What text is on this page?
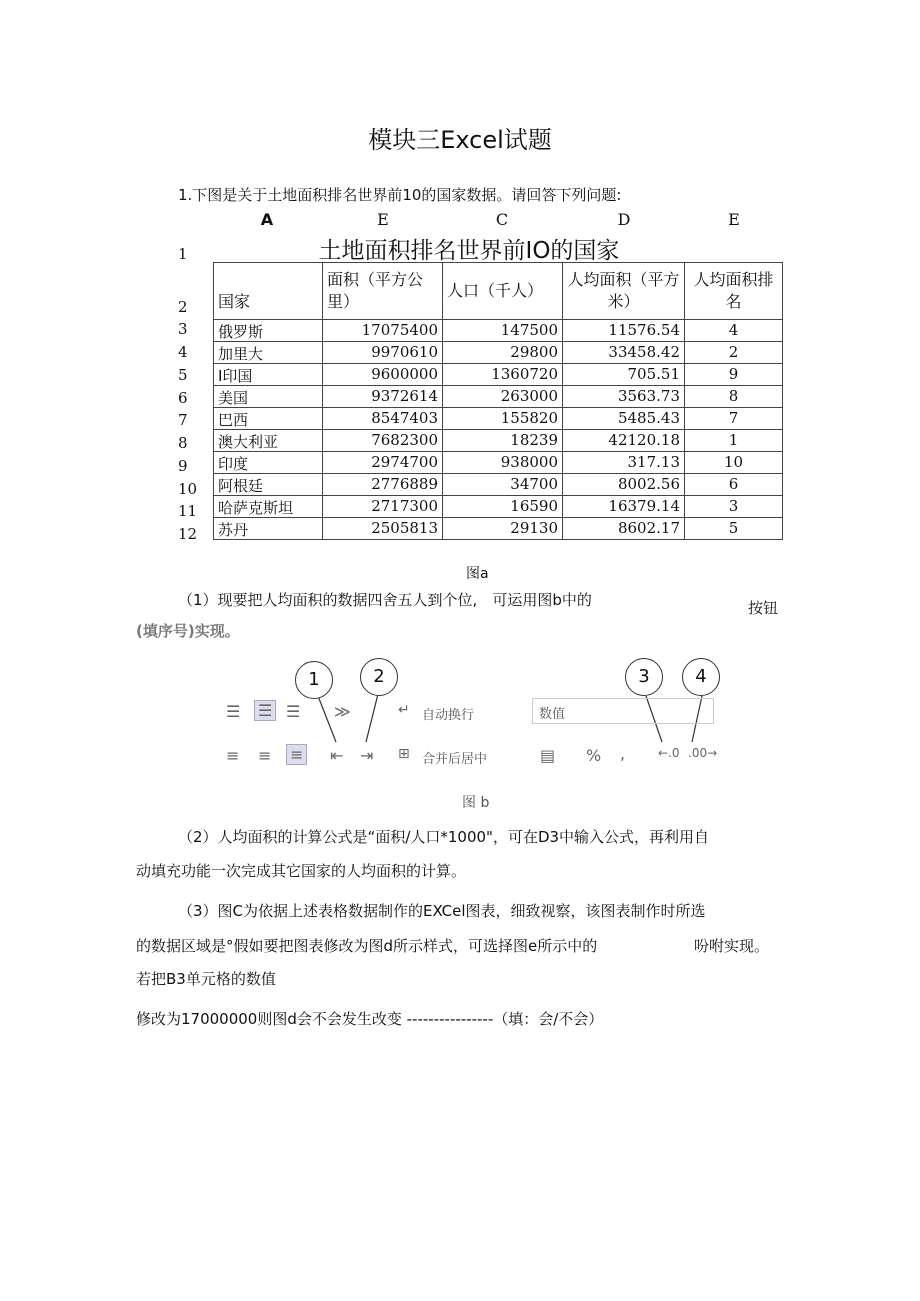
模块三Excel试题
1.下图是关于土地面积排名世界前10的国家数据。请回答下列问题:
A	E	C	D	E
1
2
3
4
5
6
7
8
9
10
11
12
土地面积排名世界前IO的国家
国家	面积（平方公里）	人口（千人）	人均面积（平方米）	人均面积排名
俄罗斯	17075400	147500	11576.54	4
加里大	9970610	29800	33458.42	2
I印国	9600000	1360720	705.51	9
美国	9372614	263000	3563.73	8
巴西	8547403	155820	5485.43	7
澳大利亚	7682300	18239	42120.18	1
印度	2974700	938000	317.13	10
阿根廷	2776889	34700	8002.56	6
哈萨克斯坦	2717300	16590	16379.14	3
苏丹	2505813	29130	8602.17	5
图a
（1）现要把人均面积的数据四舍五人到个位,　可运用图b中的	按钮
(填序号)实现。
1	2	3	4
☰ ☰ ☰ ≫	↵ 自动换行	数值
≡ ≡ ≡ ⇤ ⇥ ⊞ 合并后居中	▤ % ,	←.0 .00→
图 b
（2）人均面积的计算公式是“面积/人口*1000"，可在D3中输入公式，再利用自
动填充功能一次完成其它国家的人均面积的计算。
（3）图C为依据上述表格数据制作的EXCel图表，细致视察，该图表制作时所选
的数据区域是°假如要把图表修改为图d所示样式，可选择图e所示中的	吩咐实现。
若把B3单元格的数值
修改为17000000则图d会不会发生改变 ----------------（填：会/不会）
